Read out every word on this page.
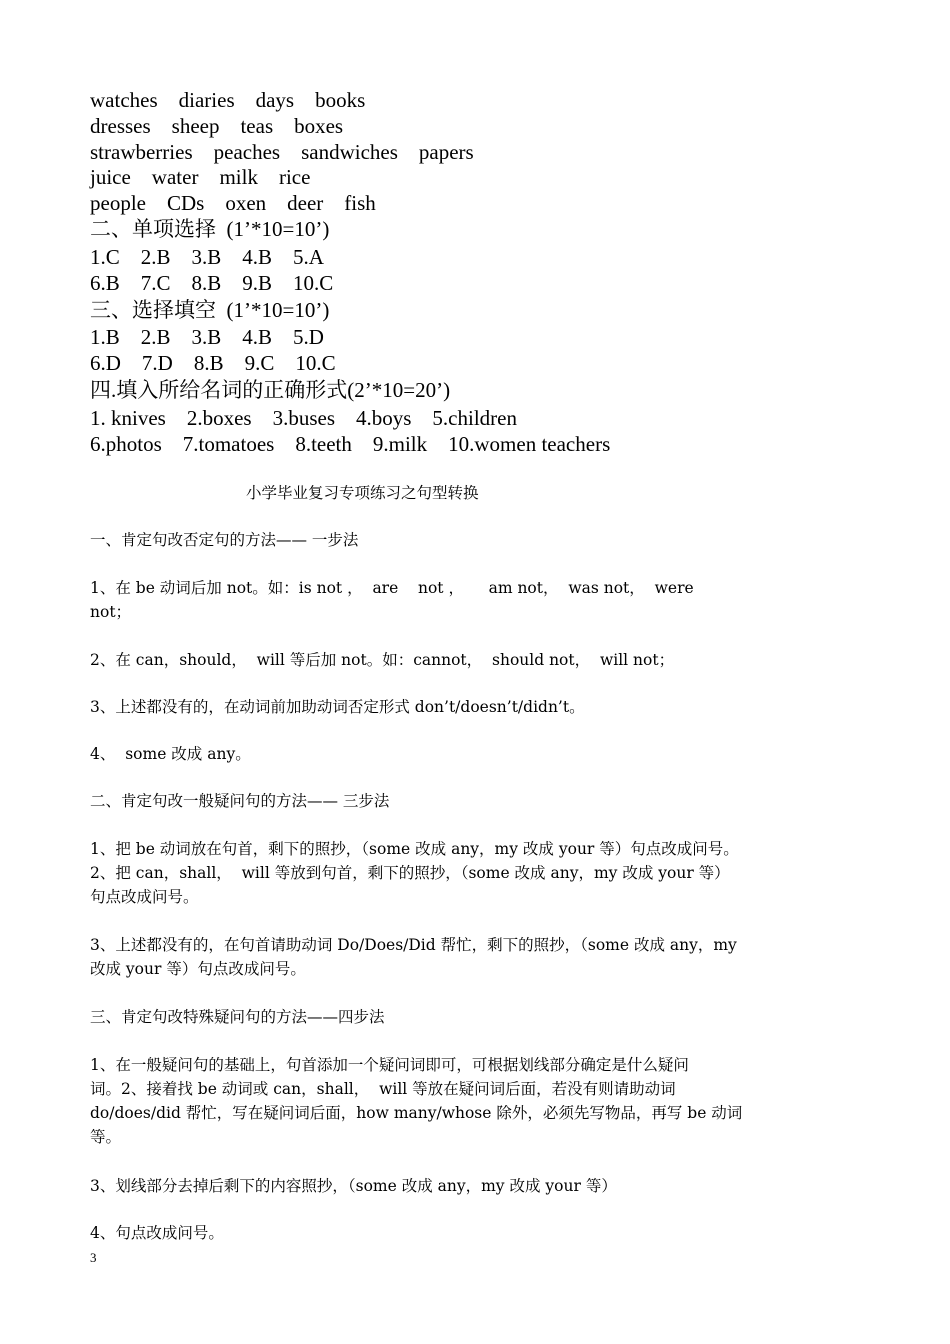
watches    diaries    days    books
dresses    sheep    teas    boxes
strawberries    peaches    sandwiches    papers
juice    water    milk    rice
people    CDs    oxen    deer    fish
二、单项选择  (1’*10=10’)
1.C    2.B    3.B    4.B    5.A
6.B    7.C    8.B    9.B    10.C
三、选择填空  (1’*10=10’)
1.B    2.B    3.B    4.B    5.D
6.D    7.D    8.B    9.C    10.C
四.填入所给名词的正确形式(2’*10=20’)
1. knives    2.boxes    3.buses    4.boys    5.children
6.photos    7.tomatoes    8.teeth    9.milk    10.women teachers
小学毕业复习专项练习之句型转换
一、肯定句改否定句的方法—— 一步法
1、在 be 动词后加 not。如：is not ，  are    not ，     am not，  was not，  were
not；
2、在 can，should，  will 等后加 not。如：cannot，  should not，  will not；
3、上述都没有的，在动词前加助动词否定形式 don’t/doesn’t/didn’t。
4、  some 改成 any。
二、肯定句改一般疑问句的方法—— 三步法
1、把 be 动词放在句首，剩下的照抄，（some 改成 any，my 改成 your 等）句点改成问号。
2、把 can，shall，  will 等放到句首，剩下的照抄，（some 改成 any，my 改成 your 等）
句点改成问号。
3、上述都没有的，在句首请助动词 Do/Does/Did 帮忙，剩下的照抄，（some 改成 any，my
改成 your 等）句点改成问号。
三、肯定句改特殊疑问句的方法——四步法
1、在一般疑问句的基础上，句首添加一个疑问词即可，可根据划线部分确定是什么疑问
词。2、接着找 be 动词或 can，shall，  will 等放在疑问词后面，若没有则请助动词
do/does/did 帮忙，写在疑问词后面，how many/whose 除外，必须先写物品，再写 be 动词
等。
3、划线部分去掉后剩下的内容照抄，（some 改成 any，my 改成 your 等）
4、句点改成问号。
3
